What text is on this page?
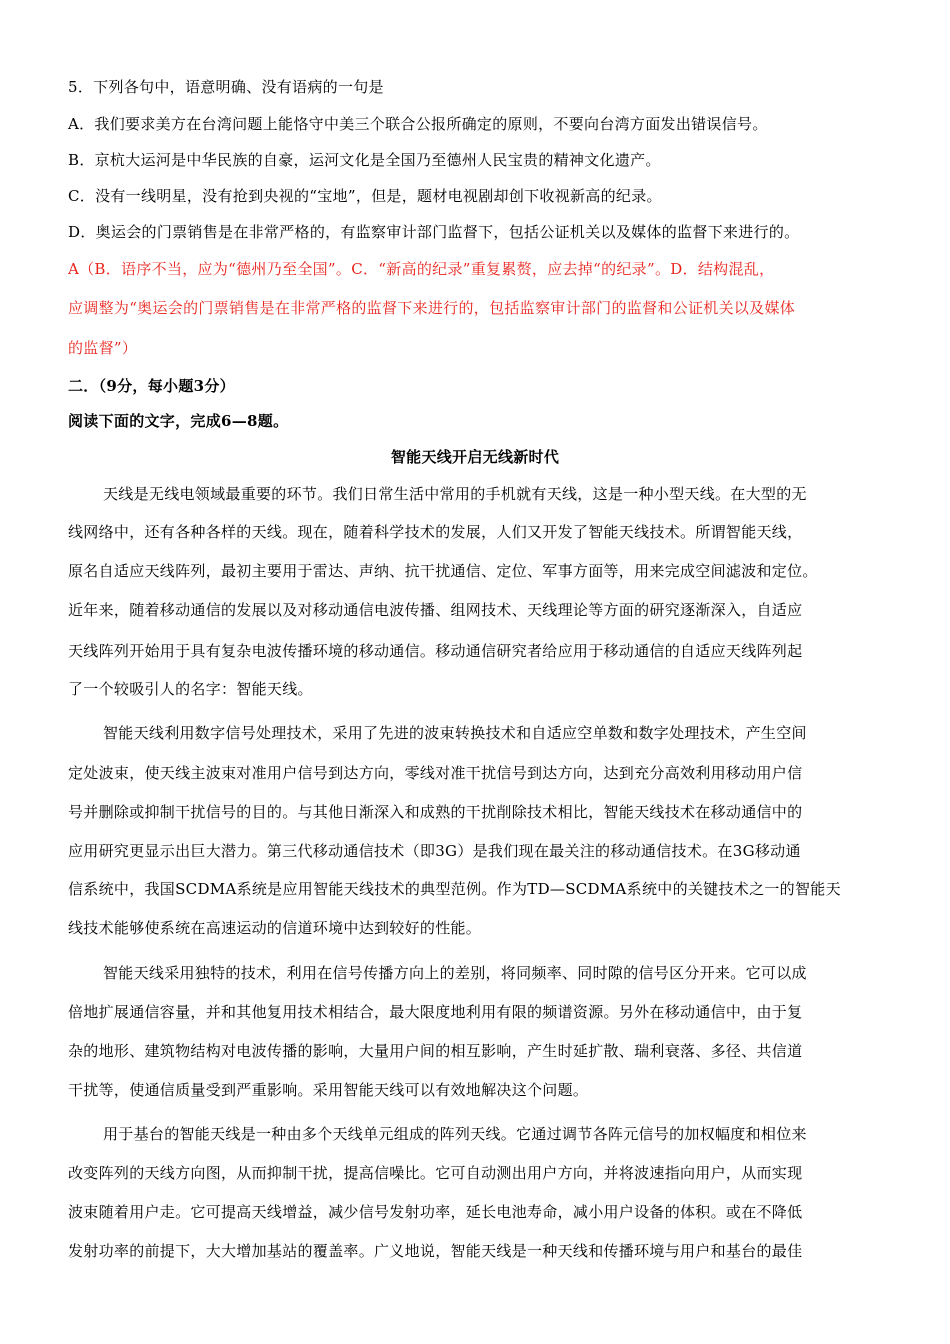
5．下列各句中，语意明确、没有语病的一句是
A．我们要求美方在台湾问题上能恪守中美三个联合公报所确定的原则，不要向台湾方面发出错误信号。
B．京杭大运河是中华民族的自豪，运河文化是全国乃至德州人民宝贵的精神文化遗产。
C．没有一线明星，没有抢到央视的“宝地”，但是，题材电视剧却创下收视新高的纪录。
D．奥运会的门票销售是在非常严格的，有监察审计部门监督下，包括公证机关以及媒体的监督下来进行的。
A（B．语序不当，应为“德州乃至全国”。C．“新高的纪录”重复累赘，应去掉“的纪录”。D．结构混乱，
应调整为“奥运会的门票销售是在非常严格的监督下来进行的，包括监察审计部门的监督和公证机关以及媒体
的监督”）
二．（9分，每小题3分）
阅读下面的文字，完成6—8题。
智能天线开启无线新时代
天线是无线电领域最重要的环节。我们日常生活中常用的手机就有天线，这是一种小型天线。在大型的无
线网络中，还有各种各样的天线。现在，随着科学技术的发展，人们又开发了智能天线技术。所谓智能天线，
原名自适应天线阵列，最初主要用于雷达、声纳、抗干扰通信、定位、军事方面等，用来完成空间滤波和定位。
近年来，随着移动通信的发展以及对移动通信电波传播、组网技术、天线理论等方面的研究逐渐深入，自适应
天线阵列开始用于具有复杂电波传播环境的移动通信。移动通信研究者给应用于移动通信的自适应天线阵列起
了一个较吸引人的名字：智能天线。
智能天线利用数字信号处理技术，采用了先进的波束转换技术和自适应空单数和数字处理技术，产生空间
定处波束，使天线主波束对准用户信号到达方向，零线对准干扰信号到达方向，达到充分高效利用移动用户信
号并删除或抑制干扰信号的目的。与其他日渐深入和成熟的干扰削除技术相比，智能天线技术在移动通信中的
应用研究更显示出巨大潜力。第三代移动通信技术（即3G）是我们现在最关注的移动通信技术。在3G移动通
信系统中，我国SCDMA系统是应用智能天线技术的典型范例。作为TD—SCDMA系统中的关键技术之一的智能天
线技术能够使系统在高速运动的信道环境中达到较好的性能。
智能天线采用独特的技术，利用在信号传播方向上的差别，将同频率、同时隙的信号区分开来。它可以成
倍地扩展通信容量，并和其他复用技术相结合，最大限度地利用有限的频谱资源。另外在移动通信中，由于复
杂的地形、建筑物结构对电波传播的影响，大量用户间的相互影响，产生时延扩散、瑞利衰落、多径、共信道
干扰等，使通信质量受到严重影响。采用智能天线可以有效地解决这个问题。
用于基台的智能天线是一种由多个天线单元组成的阵列天线。它通过调节各阵元信号的加权幅度和相位来
改变阵列的天线方向图，从而抑制干扰，提高信噪比。它可自动测出用户方向，并将波速指向用户，从而实现
波束随着用户走。它可提高天线增益，减少信号发射功率，延长电池寿命，减小用户设备的体积。或在不降低
发射功率的前提下，大大增加基站的覆盖率。广义地说，智能天线是一种天线和传播环境与用户和基台的最佳
